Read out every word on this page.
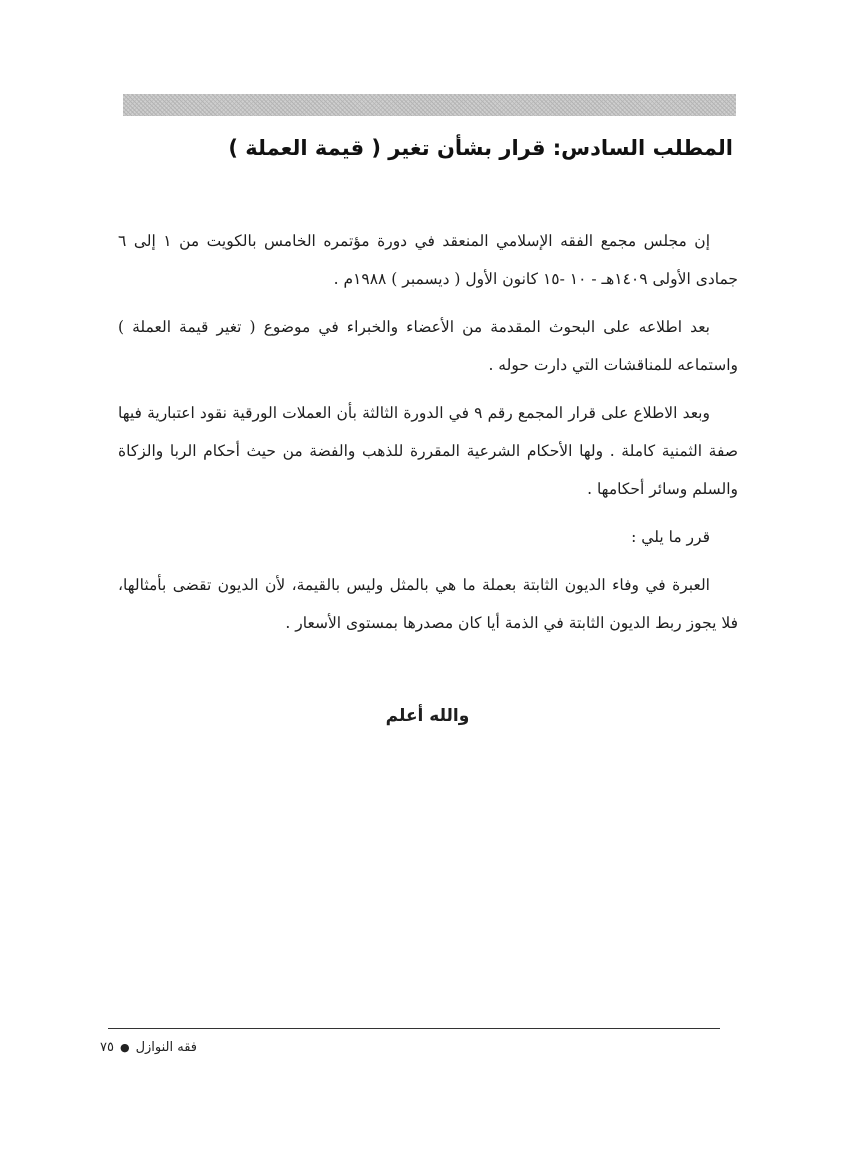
المطلب السادس: قرار بشأن تغير ( قيمة العملة )

إن مجلس مجمع الفقه الإسلامي المنعقد في دورة مؤتمره الخامس بالكويت من ١ إلى ٦ جمادى الأولى ١٤٠٩هـ - ١٠ -١٥ كانون الأول ( ديسمبر ) ١٩٨٨م .

بعد اطلاعه على البحوث المقدمة من الأعضاء والخبراء في موضوع ( تغير قيمة العملة ) واستماعه للمناقشات التي دارت حوله .

وبعد الاطلاع على قرار المجمع رقم ٩ في الدورة الثالثة بأن العملات الورقية نقود اعتبارية فيها صفة الثمنية كاملة . ولها الأحكام الشرعية المقررة للذهب والفضة من حيث أحكام الربا والزكاة والسلم وسائر أحكامها .

قرر ما يلي :

العبرة في وفاء الديون الثابتة بعملة ما هي بالمثل وليس بالقيمة، لأن الديون تقضى بأمثالها، فلا يجوز ربط الديون الثابتة في الذمة أيا كان مصدرها بمستوى الأسعار .

والله أعلم
فقه النوازل●٧٥
